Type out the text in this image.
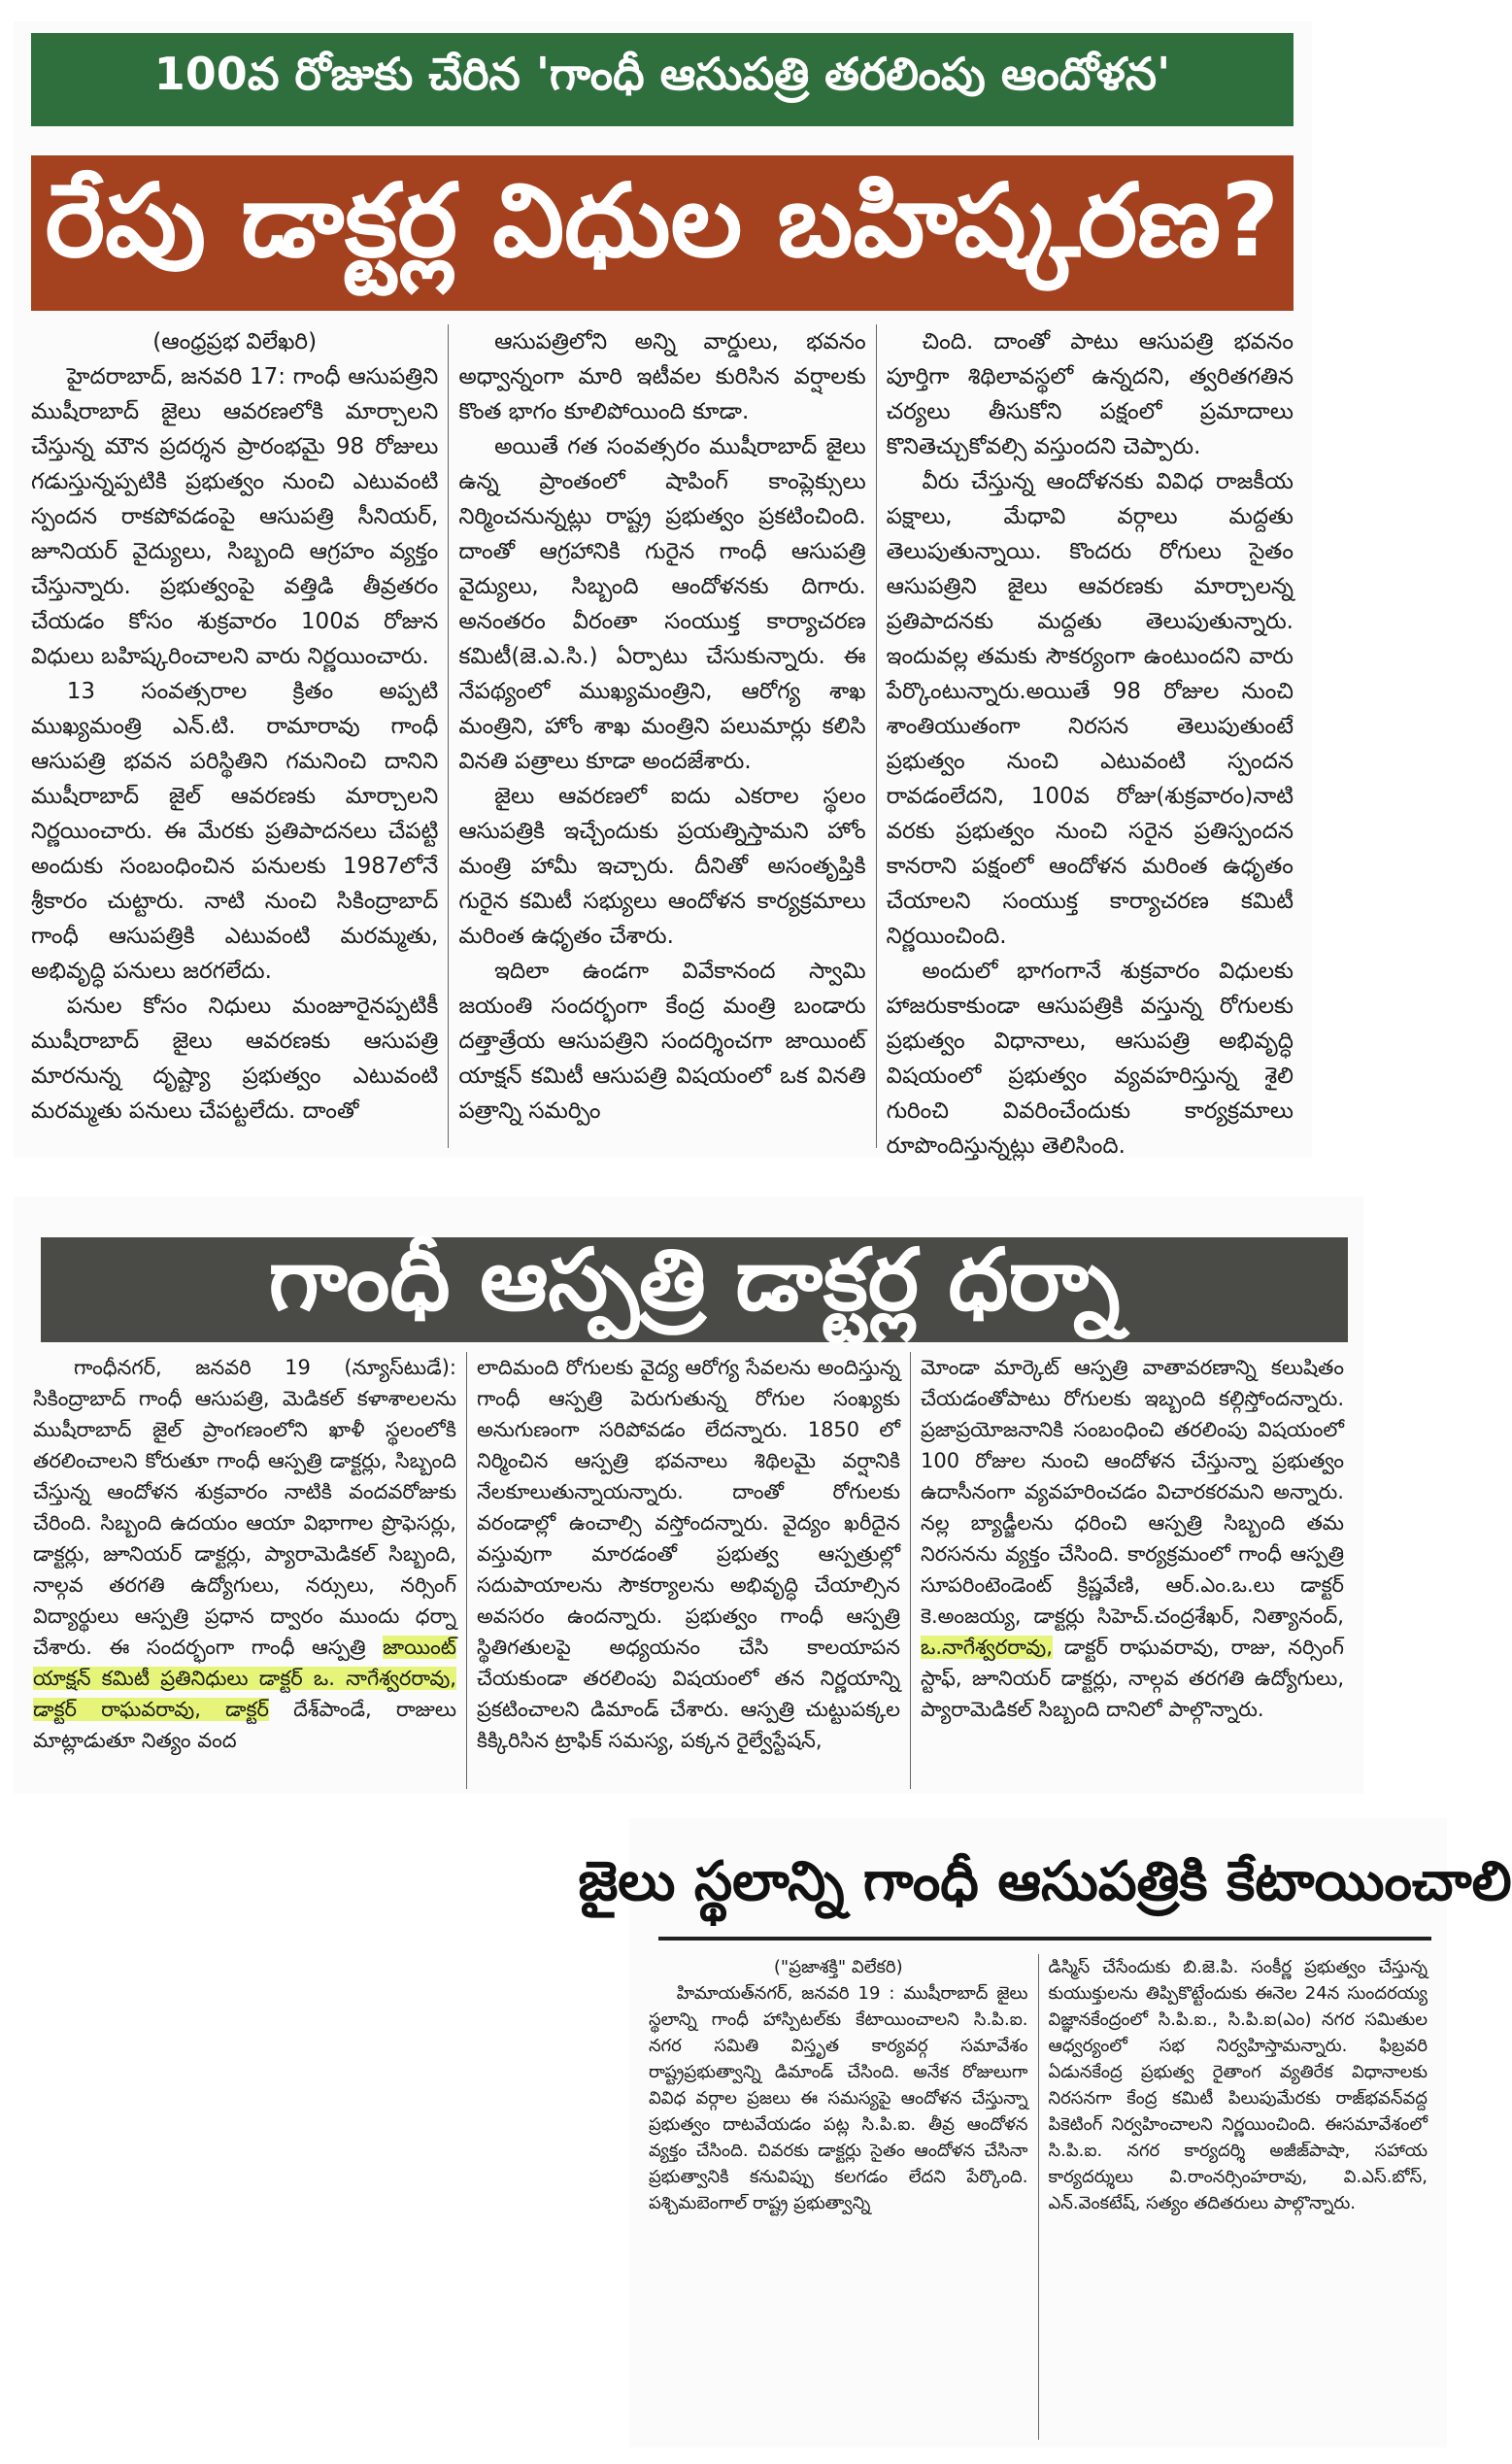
100వ రోజుకు చేరిన 'గాంధీ ఆసుపత్రి తరలింపు ఆందోళన'
రేపు డాక్టర్ల విధుల బహిష్కరణ?

(ఆంధ్రప్రభ విలేఖరి)

హైదరాబాద్, జనవరి 17: గాంధీ ఆసుపత్రిని ముషీరాబాద్ జైలు ఆవరణలోకి మార్చాలని చేస్తున్న మౌన ప్రదర్శన ప్రారంభమై 98 రోజులు గడుస్తున్నప్పటికి ప్రభుత్వం నుంచి ఎటువంటి స్పందన రాకపోవడంపై ఆసుపత్రి సీనియర్, జూనియర్ వైద్యులు, సిబ్బంది ఆగ్రహం వ్యక్తం చేస్తున్నారు. ప్రభుత్వంపై వత్తిడి తీవ్రతరం చేయడం కోసం శుక్రవారం 100వ రోజున విధులు బహిష్కరించాలని వారు నిర్ణయించారు.

13 సంవత్సరాల క్రితం అప్పటి ముఖ్యమంత్రి ఎన్.టి. రామారావు గాంధీ ఆసుపత్రి భవన పరిస్థితిని గమనించి దానిని ముషీరాబాద్ జైల్ ఆవరణకు మార్చాలని నిర్ణయించారు. ఈ మేరకు ప్రతిపాదనలు చేపట్టి అందుకు సంబంధించిన పనులకు 1987లోనే శ్రీకారం చుట్టారు. నాటి నుంచి సికింద్రాబాద్ గాంధీ ఆసుపత్రికి ఎటువంటి మరమ్మతు, అభివృద్ధి పనులు జరగలేదు.

పనుల కోసం నిధులు మంజూరైనప్పటికీ ముషీరాబాద్ జైలు ఆవరణకు ఆసుపత్రి మారనున్న దృష్ట్యా ప్రభుత్వం ఎటువంటి మరమ్మతు పనులు చేపట్టలేదు. దాంతో

ఆసుపత్రిలోని అన్ని వార్డులు, భవనం అధ్వాన్నంగా మారి ఇటీవల కురిసిన వర్షాలకు కొంత భాగం కూలిపోయింది కూడా.

అయితే గత సంవత్సరం ముషీరాబాద్ జైలు ఉన్న ప్రాంతంలో షాపింగ్ కాంప్లెక్సులు నిర్మించనున్నట్లు రాష్ట్ర ప్రభుత్వం ప్రకటించింది. దాంతో ఆగ్రహానికి గురైన గాంధీ ఆసుపత్రి వైద్యులు, సిబ్బంది ఆందోళనకు దిగారు. అనంతరం వీరంతా సంయుక్త కార్యాచరణ కమిటీ(జె.ఎ.సి.) ఏర్పాటు చేసుకున్నారు. ఈ నేపథ్యంలో ముఖ్యమంత్రిని, ఆరోగ్య శాఖ మంత్రిని, హోం శాఖ మంత్రిని పలుమార్లు కలిసి వినతి పత్రాలు కూడా అందజేశారు.

జైలు ఆవరణలో ఐదు ఎకరాల స్థలం ఆసుపత్రికి ఇచ్చేందుకు ప్రయత్నిస్తామని హోం మంత్రి హామీ ఇచ్చారు. దీనితో అసంతృప్తికి గురైన కమిటీ సభ్యులు ఆందోళన కార్యక్రమాలు మరింత ఉధృతం చేశారు.

ఇదిలా ఉండగా వివేకానంద స్వామి జయంతి సందర్భంగా కేంద్ర మంత్రి బండారు దత్తాత్రేయ ఆసుపత్రిని సందర్శించగా జాయింట్ యాక్షన్ కమిటీ ఆసుపత్రి విషయంలో ఒక వినతి పత్రాన్ని సమర్పిం

చింది. దాంతో పాటు ఆసుపత్రి భవనం పూర్తిగా శిథిలావస్థలో ఉన్నదని, త్వరితగతిన చర్యలు తీసుకోని పక్షంలో ప్రమాదాలు కొనితెచ్చుకోవల్సి వస్తుందని చెప్పారు.

వీరు చేస్తున్న ఆందోళనకు వివిధ రాజకీయ పక్షాలు, మేధావి వర్గాలు మద్దతు తెలుపుతున్నాయి. కొందరు రోగులు సైతం ఆసుపత్రిని జైలు ఆవరణకు మార్చాలన్న ప్రతిపాదనకు మద్దతు తెలుపుతున్నారు. ఇందువల్ల తమకు సౌకర్యంగా ఉంటుందని వారు పేర్కొంటున్నారు.అయితే 98 రోజుల నుంచి శాంతియుతంగా నిరసన తెలుపుతుంటే ప్రభుత్వం నుంచి ఎటువంటి స్పందన రావడంలేదని, 100వ రోజు(శుక్రవారం)నాటి వరకు ప్రభుత్వం నుంచి సరైన ప్రతిస్పందన కానరాని పక్షంలో ఆందోళన మరింత ఉధృతం చేయాలని సంయుక్త కార్యాచరణ కమిటీ నిర్ణయించింది.

అందులో భాగంగానే శుక్రవారం విధులకు హాజరుకాకుండా ఆసుపత్రికి వస్తున్న రోగులకు ప్రభుత్వం విధానాలు, ఆసుపత్రి అభివృద్ధి విషయంలో ప్రభుత్వం వ్యవహరిస్తున్న శైలి గురించి వివరించేందుకు కార్యక్రమాలు రూపొందిస్తున్నట్లు తెలిసింది.

గాంధీ ఆస్పత్రి డాక్టర్ల ధర్నా

గాంధీనగర్, జనవరి 19 (న్యూస్‌టుడే): సికింద్రాబాద్ గాంధీ ఆసుపత్రి, మెడికల్ కళాశాలలను ముషీరాబాద్ జైల్ ప్రాంగణంలోని ఖాళీ స్థలంలోకి తరలించాలని కోరుతూ గాంధీ ఆస్పత్రి డాక్టర్లు, సిబ్బంది చేస్తున్న ఆందోళన శుక్రవారం నాటికి వందవరోజుకు చేరింది. సిబ్బంది ఉదయం ఆయా విభాగాల ప్రొఫెసర్లు, డాక్టర్లు, జూనియర్ డాక్టర్లు, ప్యారామెడికల్ సిబ్బంది, నాల్గవ తరగతి ఉద్యోగులు, నర్సులు, నర్సింగ్ విద్యార్థులు ఆస్పత్రి ప్రధాన ద్వారం ముందు ధర్నా చేశారు. ఈ సందర్భంగా గాంధీ ఆస్పత్రి జాయింట్ యాక్షన్ కమిటీ ప్రతినిధులు డాక్టర్ ఒ. నాగేశ్వరరావు, డాక్టర్ రాఘవరావు, డాక్టర్ దేశ్‌పాండే, రాజులు మాట్లాడుతూ నిత్యం వంద

లాదిమంది రోగులకు వైద్య ఆరోగ్య సేవలను అందిస్తున్న గాంధీ ఆస్పత్రి పెరుగుతున్న రోగుల సంఖ్యకు అనుగుణంగా సరిపోవడం లేదన్నారు. 1850 లో నిర్మించిన ఆస్పత్రి భవనాలు శిథిలమై వర్షానికి నేలకూలుతున్నాయన్నారు. దాంతో రోగులకు వరండాల్లో ఉంచాల్సి వస్తోందన్నారు. వైద్యం ఖరీదైన వస్తువుగా మారడంతో ప్రభుత్వ ఆస్పత్రుల్లో సదుపాయాలను సౌకర్యాలను అభివృద్ధి చేయాల్సిన అవసరం ఉందన్నారు. ప్రభుత్వం గాంధీ ఆస్పత్రి స్థితిగతులపై అధ్యయనం చేసి కాలయాపన చేయకుండా తరలింపు విషయంలో తన నిర్ణయాన్ని ప్రకటించాలని డిమాండ్ చేశారు. ఆస్పత్రి చుట్టుపక్కల కిక్కిరిసిన ట్రాఫిక్ సమస్య, పక్కన రైల్వేస్టేషన్,

మోండా మార్కెట్ ఆస్పత్రి వాతావరణాన్ని కలుషితం చేయడంతోపాటు రోగులకు ఇబ్బంది కల్గిస్తోందన్నారు. ప్రజాప్రయోజనానికి సంబంధించి తరలింపు విషయంలో 100 రోజుల నుంచి ఆందోళన చేస్తున్నా ప్రభుత్వం ఉదాసీనంగా వ్యవహరించడం విచారకరమని అన్నారు. నల్ల బ్యాడ్జీలను ధరించి ఆస్పత్రి సిబ్బంది తమ నిరసనను వ్యక్తం చేసింది. కార్యక్రమంలో గాంధీ ఆస్పత్రి సూపరింటెండెంట్ క్రిష్ణవేణి, ఆర్.ఎం.ఒ.లు డాక్టర్ కె.అంజయ్య, డాక్టర్లు సిహెచ్.చంద్రశేఖర్, నిత్యానంద్, ఒ.నాగేశ్వరరావు, డాక్టర్ రాఘవరావు, రాజు, నర్సింగ్ స్టాఫ్, జూనియర్ డాక్టర్లు, నాల్గవ తరగతి ఉద్యోగులు, ప్యారామెడికల్ సిబ్బంది దానిలో పాల్గొన్నారు.

జైలు స్థలాన్ని గాంధీ ఆసుపత్రికి కేటాయించాలి

("ప్రజాశక్తి" విలేకరి)

హిమాయత్‌నగర్, జనవరి 19 : ముషీరాబాద్ జైలు స్థలాన్ని గాంధీ హాస్పిటల్‌కు కేటాయించాలని సి.పి.ఐ. నగర సమితి విస్తృత కార్యవర్గ సమావేశం రాష్ట్రప్రభుత్వాన్ని డిమాండ్ చేసింది. అనేక రోజులుగా వివిధ వర్గాల ప్రజలు ఈ సమస్యపై ఆందోళన చేస్తున్నా ప్రభుత్వం దాటవేయడం పట్ల సి.పి.ఐ. తీవ్ర ఆందోళన వ్యక్తం చేసింది. చివరకు డాక్టర్లు సైతం ఆందోళన చేసినా ప్రభుత్వానికి కనువిప్పు కలగడం లేదని పేర్కొంది. పశ్చిమబెంగాల్ రాష్ట్ర ప్రభుత్వాన్ని

డిస్మిస్ చేసేందుకు బి.జె.పి. సంకీర్ణ ప్రభుత్వం చేస్తున్న కుయుక్తులను తిప్పికొట్టేందుకు ఈనెల 24న సుందరయ్య విజ్ఞానకేంద్రంలో సి.పి.ఐ., సి.పి.ఐ(ఎం) నగర సమితుల ఆధ్వర్యంలో సభ నిర్వహిస్తామన్నారు. ఫిబ్రవరి ఏడునకేంద్ర ప్రభుత్వ రైతాంగ వ్యతిరేక విధానాలకు నిరసనగా కేంద్ర కమిటీ పిలుపుమేరకు రాజ్‌భవన్‌వద్ద పికెటింగ్ నిర్వహించాలని నిర్ణయించింది. ఈసమావేశంలో సి.పి.ఐ. నగర కార్యదర్శి అజీజ్‌పాషా, సహాయ కార్యదర్శులు వి.రాంనర్సింహరావు, వి.ఎస్.బోస్, ఎన్.వెంకటేష్, సత్యం తదితరులు పాల్గొన్నారు.
